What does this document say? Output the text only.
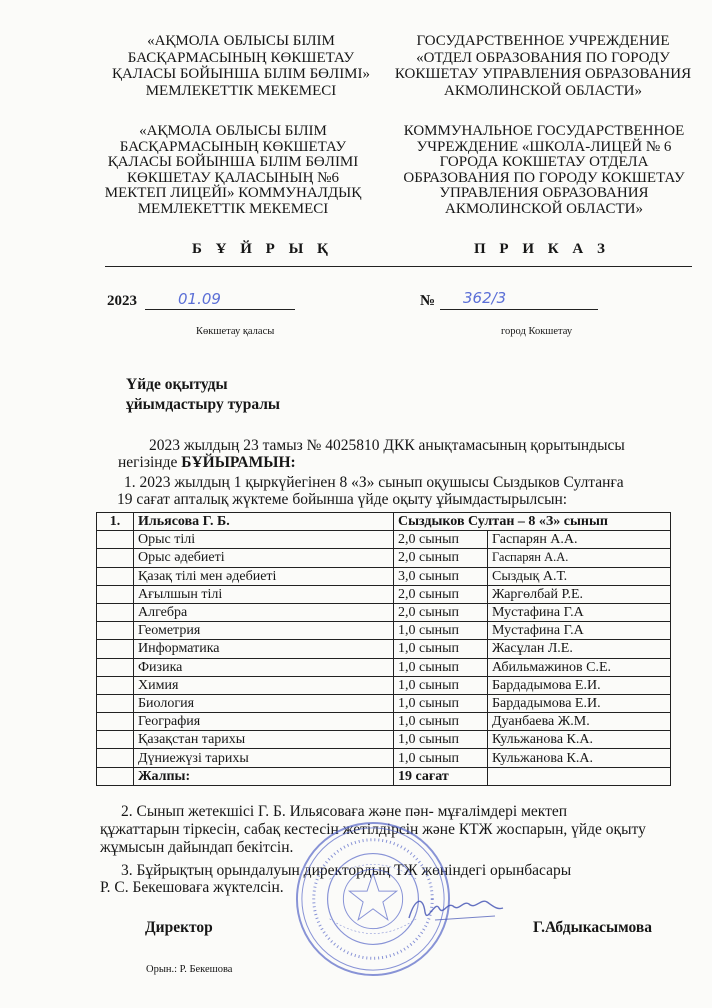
«АҚМОЛА ОБЛЫСЫ БІЛІМ
БАСҚАРМАСЫНЫҢ КӨКШЕТАУ
ҚАЛАСЫ БОЙЫНША БІЛІМ БӨЛІМІ»
МЕМЛЕКЕТТІК МЕКЕМЕСІ
«АҚМОЛА ОБЛЫСЫ БІЛІМ
БАСҚАРМАСЫНЫҢ КӨКШЕТАУ
ҚАЛАСЫ БОЙЫНША БІЛІМ БӨЛІМІ
КӨКШЕТАУ ҚАЛАСЫНЫҢ №6
МЕКТЕП ЛИЦЕЙІ» КОММУНАЛДЫҚ
МЕМЛЕКЕТТІК МЕКЕМЕСІ
Б Ұ Й Р Ы Қ
ГОСУДАРСТВЕННОЕ УЧРЕЖДЕНИЕ
«ОТДЕЛ ОБРАЗОВАНИЯ ПО ГОРОДУ
КОКШЕТАУ УПРАВЛЕНИЯ ОБРАЗОВАНИЯ
АКМОЛИНСКОЙ ОБЛАСТИ»
КОММУНАЛЬНОЕ ГОСУДАРСТВЕННОЕ
УЧРЕЖДЕНИЕ «ШКОЛА-ЛИЦЕЙ № 6
ГОРОДА КОКШЕТАУ ОТДЕЛА
ОБРАЗОВАНИЯ ПО ГОРОДУ КОКШЕТАУ
УПРАВЛЕНИЯ ОБРАЗОВАНИЯ
АКМОЛИНСКОЙ ОБЛАСТИ»
П Р И К А З
2023	01.09	№ 362/3
Көкшетау қаласы	город Кокшетау
Үйде оқытуды
ұйымдастыру туралы
2023 жылдың 23 тамыз № 4025810 ДКК анықтамасының қорытындысы
негізінде БҰЙЫРАМЫН:
1. 2023 жылдың 1 қыркүйегінен 8 «З» сынып оқушысы Сыздыков Султанға
19 сағат апталық жүктеме бойынша үйде оқыту ұйымдастырылсын:
1.	Ильясова Г. Б.	Сыздыков Султан – 8 «З» сынып	
	Орыс тілі	2,0 сынып	Гаспарян А.А.
	Орыс әдебиеті	2,0 сынып	Гаспарян А.А.
	Қазақ тілі мен әдебиеті	3,0 сынып	Сыздық А.Т.
	Ағылшын тілі	2,0 сынып	Жаргөлбай Р.Е.
	Алгебра	2,0 сынып	Мустафина Г.А
	Геометрия	1,0 сынып	Мустафина Г.А
	Информатика	1,0 сынып	Жасұлан Л.Е.
	Физика	1,0 сынып	Абильмажинов С.Е.
	Химия	1,0 сынып	Бардадымова Е.И.
	Биология	1,0 сынып	Бардадымова Е.И.
	География	1,0 сынып	Дуанбаева Ж.М.
	Қазақстан тарихы	1,0 сынып	Кульжанова К.А.
	Дүниежүзі тарихы	1,0 сынып	Кульжанова К.А.
	Жалпы:	19 сағат	
2. Сынып жетекшісі Г. Б. Ильясоваға және пән- мұғалімдері мектеп
құжаттарын тіркесін, сабақ кестесін жетілдірсін және КТЖ жоспарын, үйде оқыту
жұмысын дайындап бекітсін.
3. Бұйрықтың орындалуын директордың ТЖ жөніндегі орынбасары
Р. С. Бекешоваға жүктелсін.
Директор	Г.Абдыкасымова
Орын.: Р. Бекешова
